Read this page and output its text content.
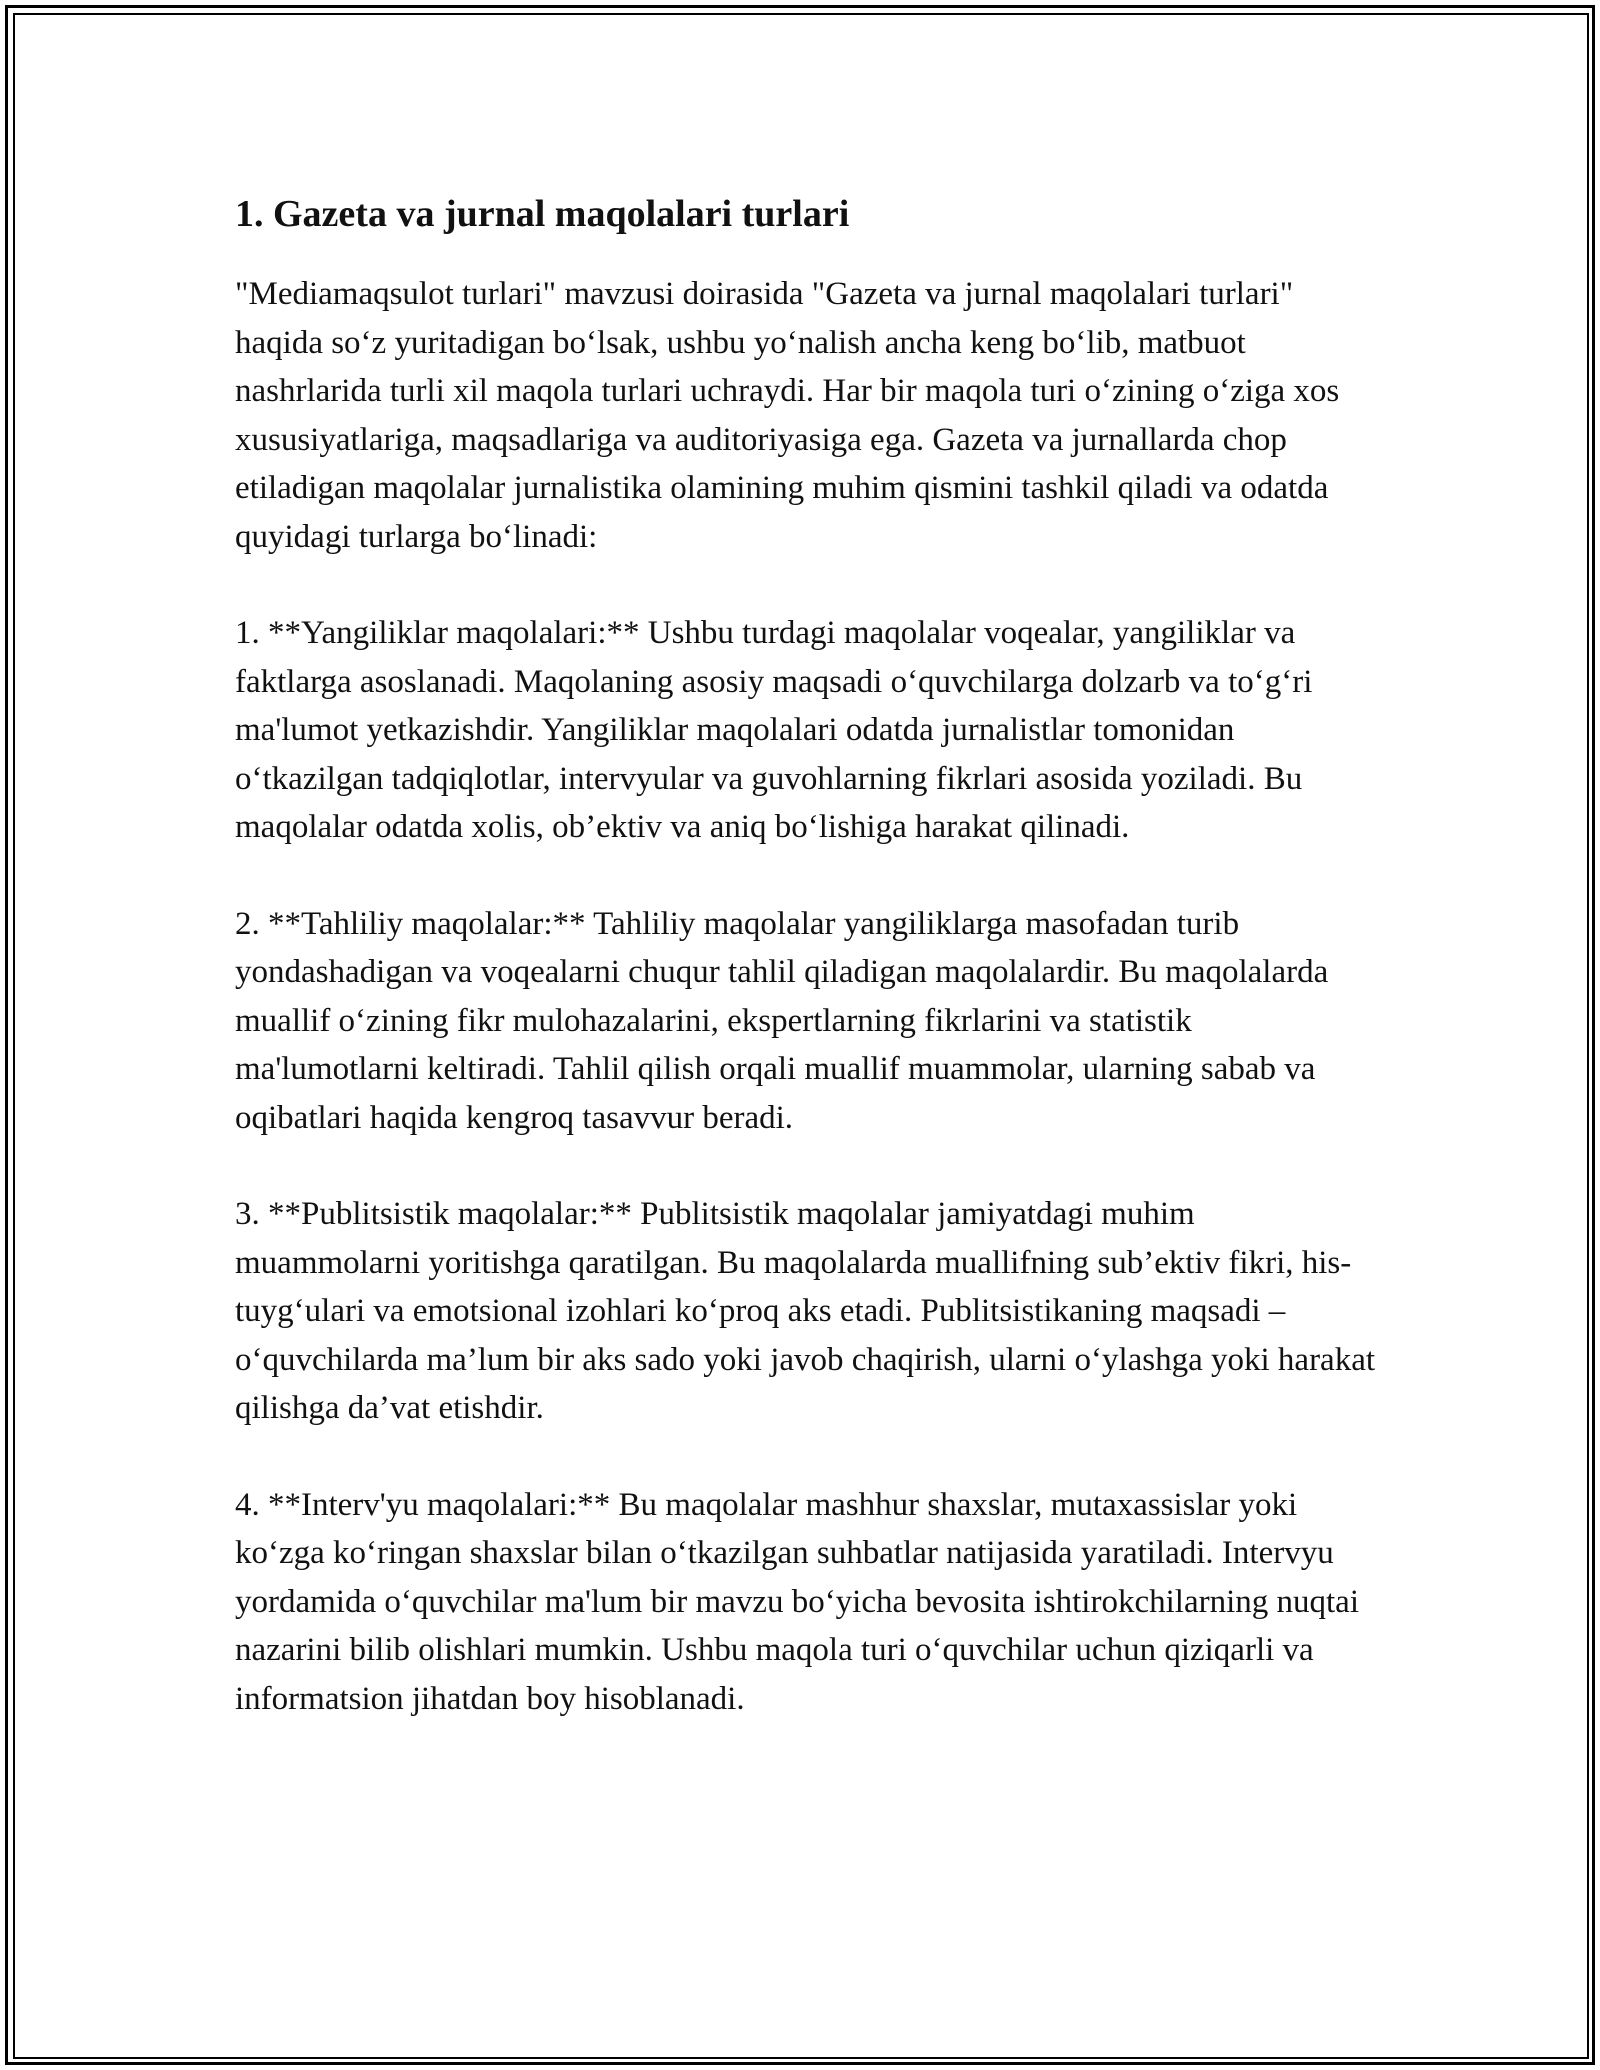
1. Gazeta va jurnal maqolalari turlari

"Mediamaqsulot turlari" mavzusi doirasida "Gazeta va jurnal maqolalari turlari" haqida so‘z yuritadigan bo‘lsak, ushbu yo‘nalish ancha keng bo‘lib, matbuot nashrlarida turli xil maqola turlari uchraydi. Har bir maqola turi o‘zining o‘ziga xos xususiyatlariga, maqsadlariga va auditoriyasiga ega. Gazeta va jurnallarda chop etiladigan maqolalar jurnalistika olamining muhim qismini tashkil qiladi va odatda quyidagi turlarga bo‘linadi:

1. **Yangiliklar maqolalari:** Ushbu turdagi maqolalar voqealar, yangiliklar va faktlarga asoslanadi. Maqolaning asosiy maqsadi o‘quvchilarga dolzarb va to‘g‘ri ma'lumot yetkazishdir. Yangiliklar maqolalari odatda jurnalistlar tomonidan o‘tkazilgan tadqiqlotlar, intervyular va guvohlarning fikrlari asosida yoziladi. Bu maqolalar odatda xolis, ob’ektiv va aniq bo‘lishiga harakat qilinadi.

2. **Tahliliy maqolalar:** Tahliliy maqolalar yangiliklarga masofadan turib yondashadigan va voqealarni chuqur tahlil qiladigan maqolalardir. Bu maqolalarda muallif o‘zining fikr mulohazalarini, ekspertlarning fikrlarini va statistik ma'lumotlarni keltiradi. Tahlil qilish orqali muallif muammolar, ularning sabab va oqibatlari haqida kengroq tasavvur beradi.

3. **Publitsistik maqolalar:** Publitsistik maqolalar jamiyatdagi muhim muammolarni yoritishga qaratilgan. Bu maqolalarda muallifning sub’ektiv fikri, his-tuyg‘ulari va emotsional izohlari ko‘proq aks etadi. Publitsistikaning maqsadi – o‘quvchilarda ma’lum bir aks sado yoki javob chaqirish, ularni o‘ylashga yoki harakat qilishga da’vat etishdir.

4. **Interv'yu maqolalari:** Bu maqolalar mashhur shaxslar, mutaxassislar yoki ko‘zga ko‘ringan shaxslar bilan o‘tkazilgan suhbatlar natijasida yaratiladi. Intervyu yordamida o‘quvchilar ma'lum bir mavzu bo‘yicha bevosita ishtirokchilarning nuqtai nazarini bilib olishlari mumkin. Ushbu maqola turi o‘quvchilar uchun qiziqarli va informatsion jihatdan boy hisoblanadi.
